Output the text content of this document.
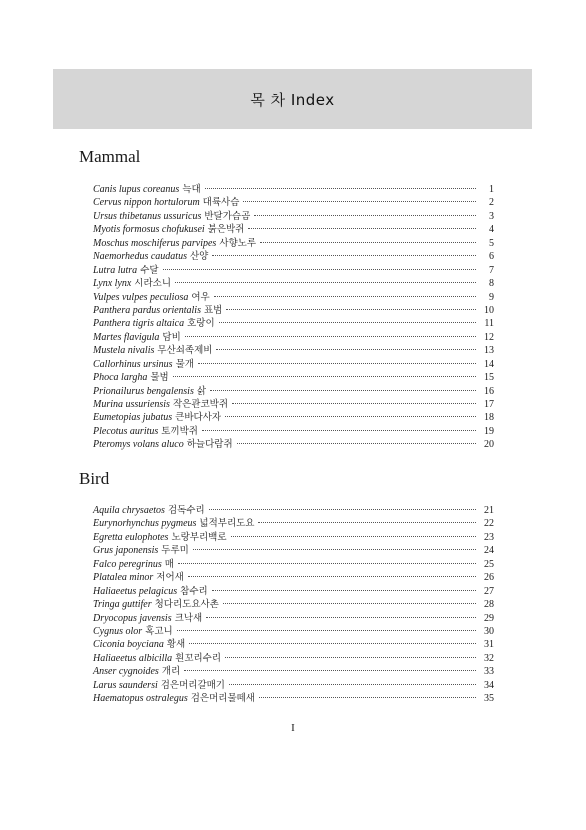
목 차 Index
Mammal
Canis lupus coreanus 늑대	1
Cervus nippon hortulorum 대륙사슴	2
Ursus thibetanus ussuricus 반달가슴곰	3
Myotis formosus chofukusei 붉은박쥐	4
Moschus moschiferus parvipes 사향노루	5
Naemorhedus caudatus 산양	6
Lutra lutra 수달	7
Lynx lynx 시라소니	8
Vulpes vulpes peculiosa 여우	9
Panthera pardus orientalis 표범	10
Panthera tigris altaica 호랑이	11
Martes flavigula 담비	12
Mustela nivalis 무산쇠족제비	13
Callorhinus ursinus 물개	14
Phoca largha 물범	15
Prionailurus bengalensis 삵	16
Murina ussuriensis 작은관코박쥐	17
Eumetopias jubatus 큰바다사자	18
Plecotus auritus 토끼박쥐	19
Pteromys volans aluco 하늘다람쥐	20
Bird
Aquila chrysaetos 검독수리	21
Eurynorhynchus pygmeus 넓적부리도요	22
Egretta eulophotes 노랑부리백로	23
Grus japonensis 두루미	24
Falco peregrinus 매	25
Platalea minor 저어새	26
Haliaeetus pelagicus 참수리	27
Tringa guttifer 청다리도요사촌	28
Dryocopus javensis 크낙새	29
Cygnus olor 혹고니	30
Ciconia boyciana 황새	31
Haliaeetus albicilla 흰꼬리수리	32
Anser cygnoides 개리	33
Larus saundersi 검은머리갈매기	34
Haematopus ostralegus 검은머리물떼새	35
I
